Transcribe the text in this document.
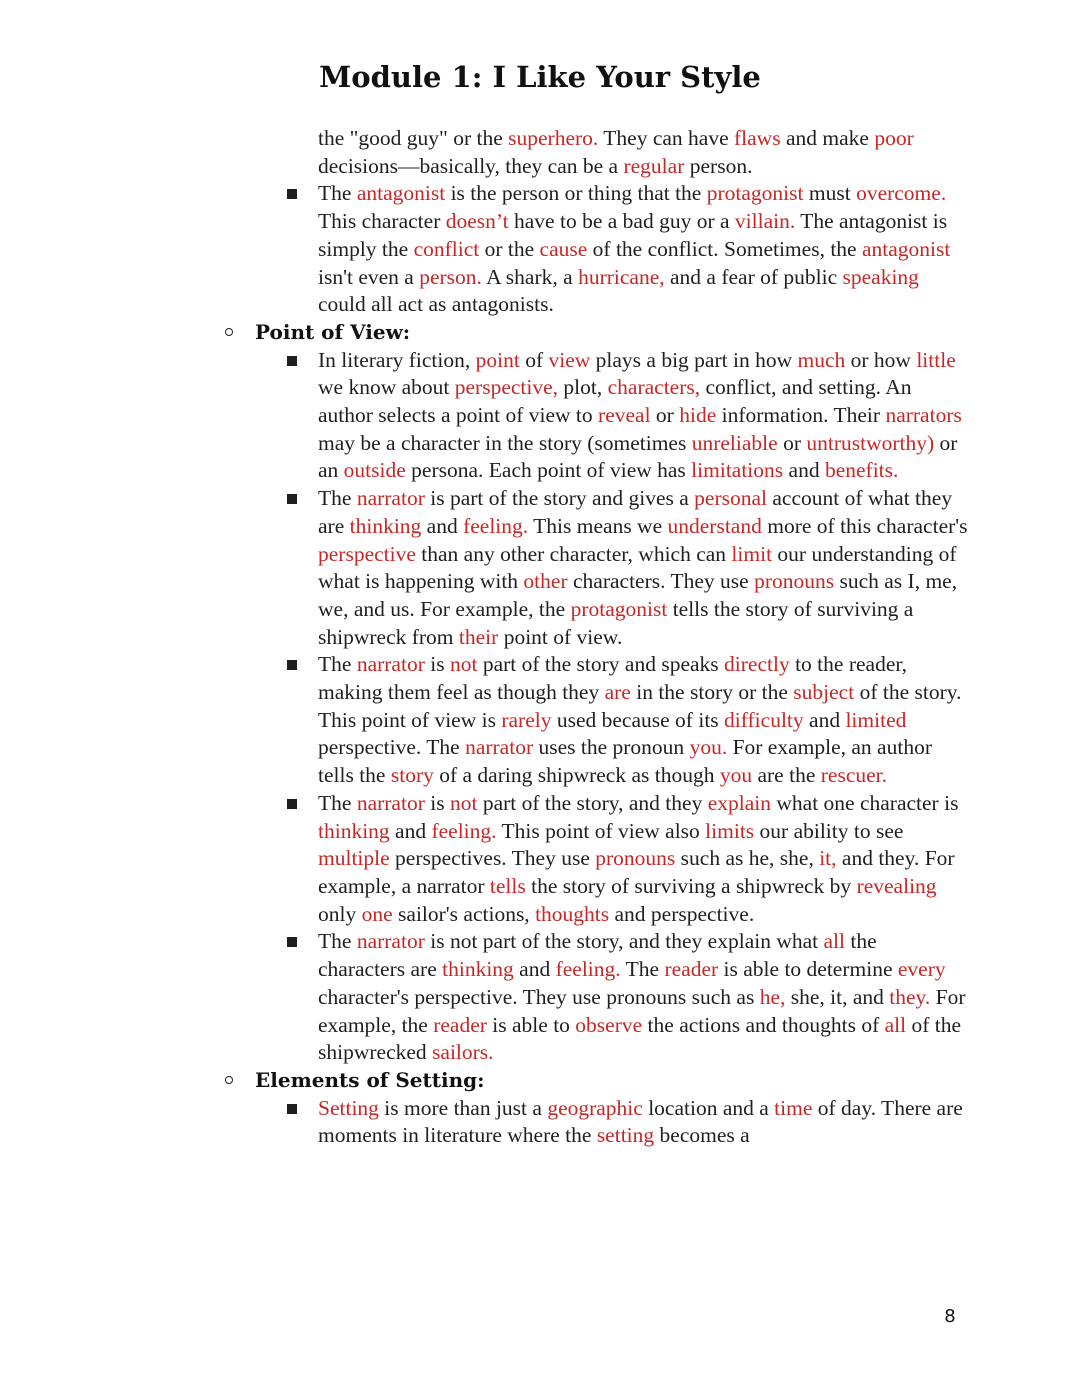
Module 1: I Like Your Style
the "good guy" or the superhero. They can have flaws and make poor decisions—basically, they can be a regular person.
The antagonist is the person or thing that the protagonist must overcome. This character doesn’t have to be a bad guy or a villain. The antagonist is simply the conflict or the cause of the conflict. Sometimes, the antagonist isn't even a person. A shark, a hurricane, and a fear of public speaking could all act as antagonists.
Point of View:
In literary fiction, point of view plays a big part in how much or how little we know about perspective, plot, characters, conflict, and setting. An author selects a point of view to reveal or hide information. Their narrators may be a character in the story (sometimes unreliable or untrustworthy) or an outside persona. Each point of view has limitations and benefits.
The narrator is part of the story and gives a personal account of what they are thinking and feeling. This means we understand more of this character's perspective than any other character, which can limit our understanding of what is happening with other characters. They use pronouns such as I, me, we, and us. For example, the protagonist tells the story of surviving a shipwreck from their point of view.
The narrator is not part of the story and speaks directly to the reader, making them feel as though they are in the story or the subject of the story. This point of view is rarely used because of its difficulty and limited perspective. The narrator uses the pronoun you. For example, an author tells the story of a daring shipwreck as though you are the rescuer.
The narrator is not part of the story, and they explain what one character is thinking and feeling. This point of view also limits our ability to see multiple perspectives. They use pronouns such as he, she, it, and they. For example, a narrator tells the story of surviving a shipwreck by revealing only one sailor's actions, thoughts and perspective.
The narrator is not part of the story, and they explain what all the characters are thinking and feeling. The reader is able to determine every character's perspective. They use pronouns such as he, she, it, and they. For example, the reader is able to observe the actions and thoughts of all of the shipwrecked sailors.
Elements of Setting:
Setting is more than just a geographic location and a time of day. There are moments in literature where the setting becomes a
8
